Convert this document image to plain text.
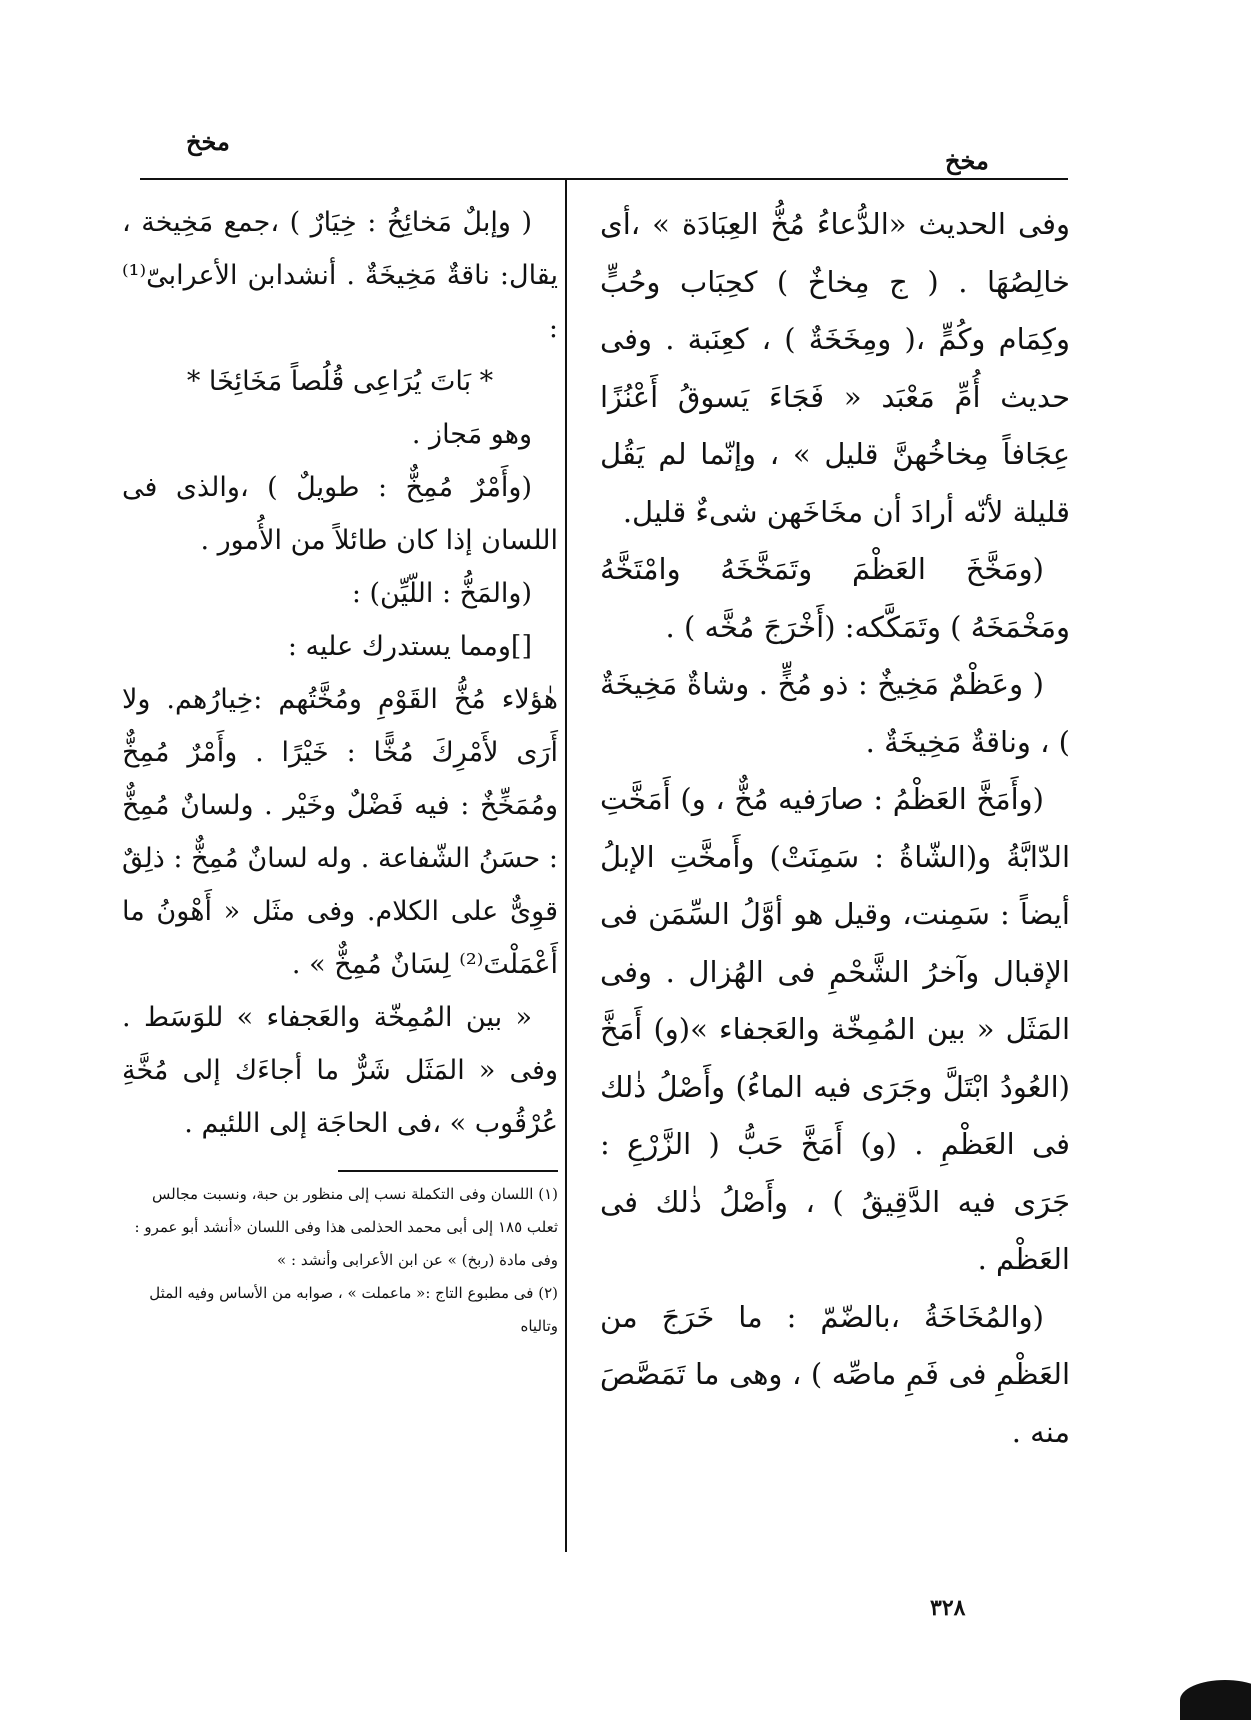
مخخ
مخخ

وفى الحديث «الدُّعاءُ مُخُّ العِبَادَة » ،أى خالِصُهَا . ( ج مِخاخٌ ) كحِبَاب وحُبٍّ وكِمَام وكُمٍّ ،( ومِخَخَةٌ ) ، كعِنَبة . وفى حديث أُمِّ مَعْبَد « فَجَاءَ يَسوقُ أَعْنُزًا عِجَافاً مِخاخُهنَّ قليل » ، وإنّما لم يَقُل قليلة لأنّه أرادَ أن مخَاخَهن شىءٌ قليل.

(ومَخَّخَ العَظْمَ وتَمَخَّخَهُ وامْتَخَّهُ ومَخْمَخَهُ ) وتَمَكَّكه: (أَخْرَجَ مُخَّه ) .

( وعَظْمٌ مَخِيخٌ : ذو مُخٍّ . وشاةٌ مَخِيخَةٌ ) ، وناقةٌ مَخِيخَةٌ .

(وأَمَخَّ العَظْمُ : صارَفيه مُخٌّ ، و) أَمَخَّتِ الدّابَّةُ و(الشّاةُ : سَمِنَتْ) وأَمخَّتِ الإبلُ أيضاً : سَمِنت، وقيل هو أوَّلُ السِّمَن فى الإقبال وآخرُ الشَّحْمِ فى الهُزال . وفى المَثَل « بين المُمِخّة والعَجفاء »(و) أَمَخَّ (العُودُ ابْتَلَّ وجَرَى فيه الماءُ) وأَصْلُ ذٰلك فى العَظْمِ . (و) أَمَخَّ حَبُّ ( الزَّرْعِ : جَرَى فيه الدَّقِيقُ ) ، وأَصْلُ ذٰلك فى العَظْم .

(والمُخَاخَةُ ،بالضّمّ : ما خَرَجَ من العَظْمِ فى فَمِ ماصِّه ) ، وهى ما تَمَصَّصَ منه .

( وإبلٌ مَخائِخُ : خِيَارٌ ) ،جمع مَخِيخة ، يقال: ناقةٌ مَخِيخَةٌ . أنشدابن الأعرابىّ⁽¹⁾ :

* بَاتَ يُرَاعِى قُلُصاً مَخَائِخَا *

وهو مَجاز .

(وأَمْرٌ مُمِخٌّ : طويلٌ ) ،والذى فى اللسان إذا كان طائلاً من الأُمور .

(والمَخُّ : اللّيِّن) :

[]ومما يستدرك عليه :

هٰؤلاء مُخُّ القَوْمِ ومُخَّتُهم :خِيارُهم. ولا أَرَى لأَمْرِكَ مُخًّا : خَيْرًا . وأَمْرٌ مُمِخٌّ ومُمَخِّخٌ : فيه فَضْلٌ وخَيْر . ولسانٌ مُمِخٌّ : حسَنُ الشّفاعة . وله لسانٌ مُمِخٌّ : ذلِقٌ قوِىٌّ على الكلام. وفى مثَل « أَهْونُ ما أَعْمَلْتَ⁽²⁾ لِسَانٌ مُمِخٌّ » .

« بين المُمِخّة والعَجفاء » للوَسَط . وفى « المَثَل شَرٌّ ما أجاءَك إلى مُخَّةِ عُرْقُوب » ،فى الحاجَة إلى اللئيم .

(١) اللسان وفى التكملة نسب إلى منظور بن حبة، ونسبت مجالس ثعلب ١٨٥ إلى أبى محمد الحذلمى هذا وفى اللسان «أنشد أبو عمرو : وفى مادة (ربخ) » عن ابن الأعرابى وأنشد : »

(٢) فى مطبوع التاج :« ماعملت » ، صوابه من الأساس وفيه المثل وتالياه

٣٢٨
